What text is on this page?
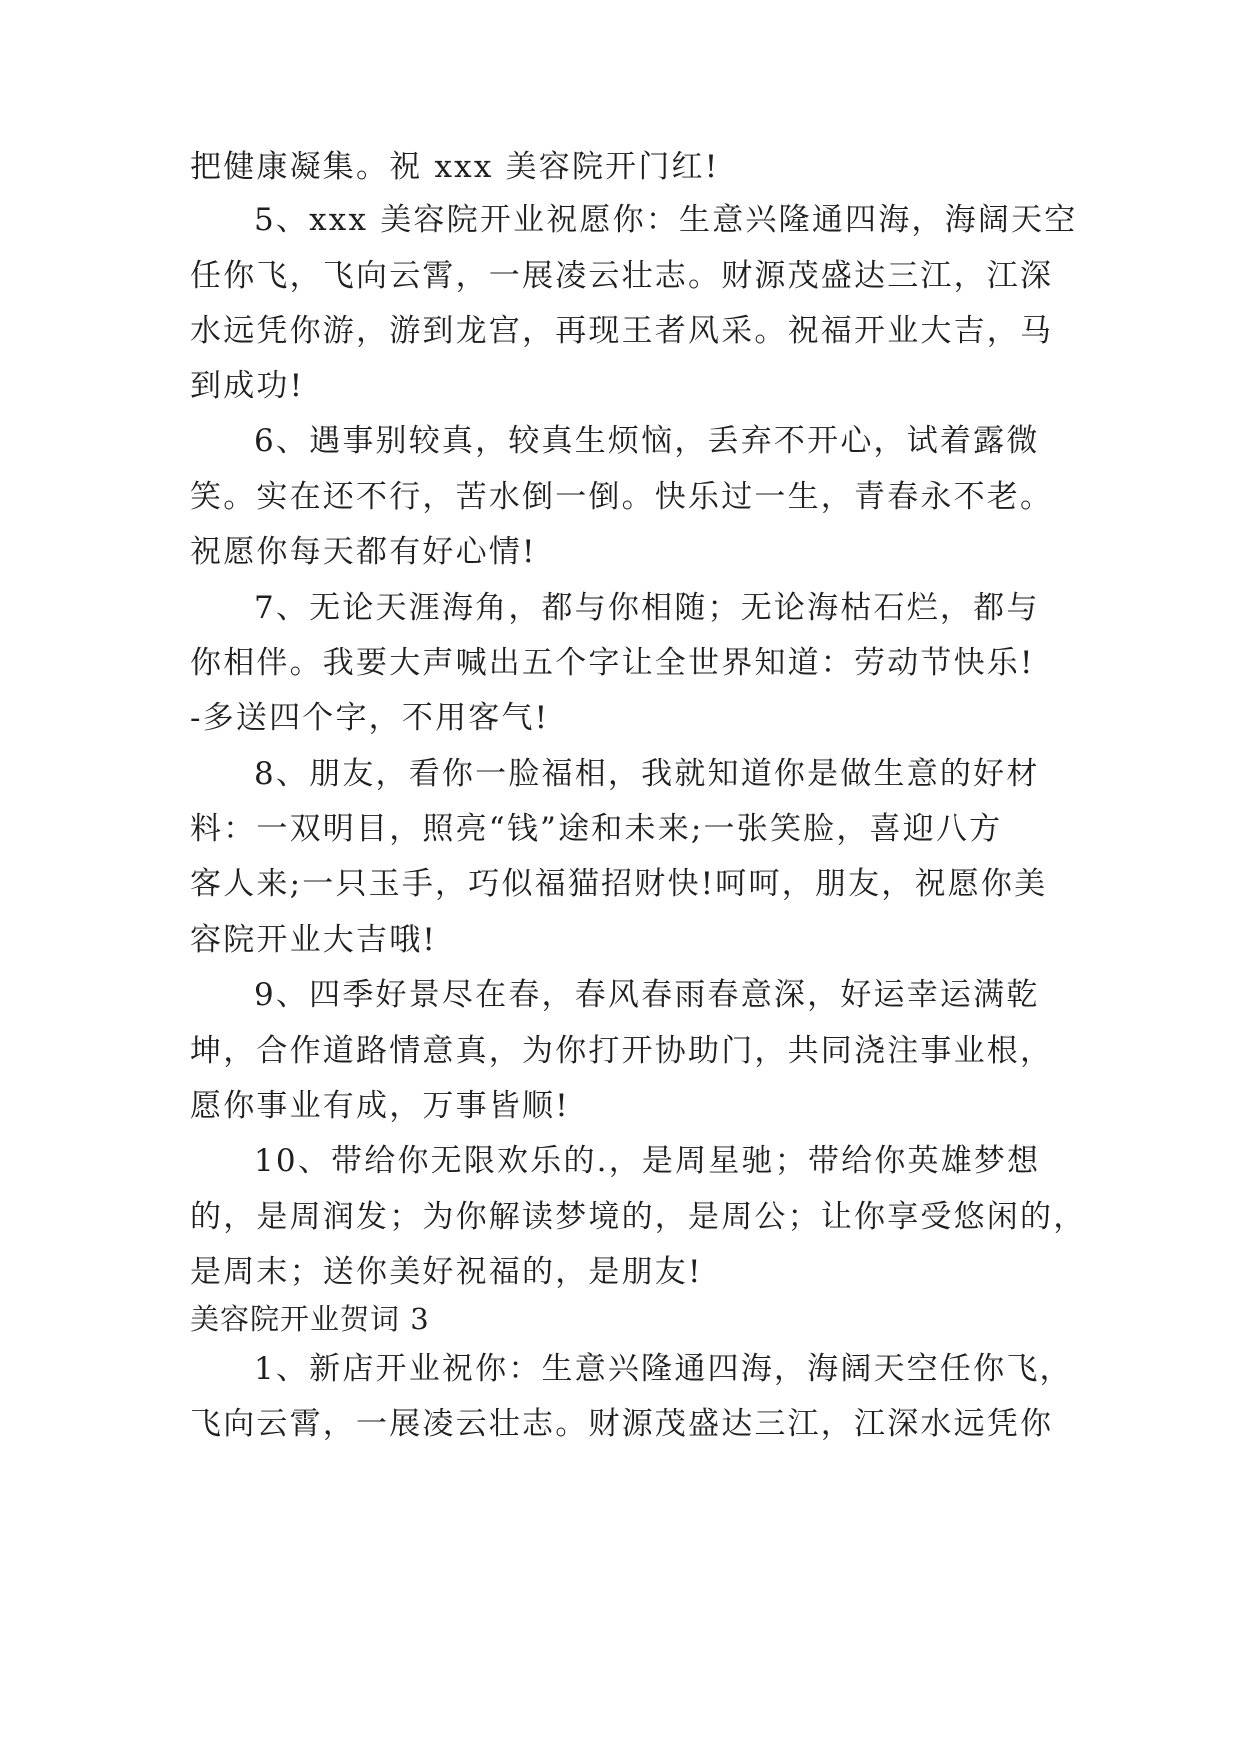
把健康凝集。祝 xxx 美容院开门红!
5、xxx 美容院开业祝愿你：生意兴隆通四海，海阔天空
任你飞，飞向云霄，一展凌云壮志。财源茂盛达三江，江深
水远凭你游，游到龙宫，再现王者风采。祝福开业大吉，马
到成功!
6、遇事别较真，较真生烦恼，丢弃不开心，试着露微
笑。实在还不行，苦水倒一倒。快乐过一生，青春永不老。
祝愿你每天都有好心情!
7、无论天涯海角，都与你相随；无论海枯石烂，都与
你相伴。我要大声喊出五个字让全世界知道：劳动节快乐!
-多送四个字，不用客气!
8、朋友，看你一脸福相，我就知道你是做生意的好材
料：一双明目，照亮“钱”途和未来;一张笑脸，喜迎八方
客人来;一只玉手，巧似福猫招财快!呵呵，朋友，祝愿你美
容院开业大吉哦!
9、四季好景尽在春，春风春雨春意深，好运幸运满乾
坤，合作道路情意真，为你打开协助门，共同浇注事业根，
愿你事业有成，万事皆顺!
10、带给你无限欢乐的.，是周星驰；带给你英雄梦想
的，是周润发；为你解读梦境的，是周公；让你享受悠闲的，
是周末；送你美好祝福的，是朋友!
美容院开业贺词 3
1、新店开业祝你：生意兴隆通四海，海阔天空任你飞，
飞向云霄，一展凌云壮志。财源茂盛达三江，江深水远凭你
